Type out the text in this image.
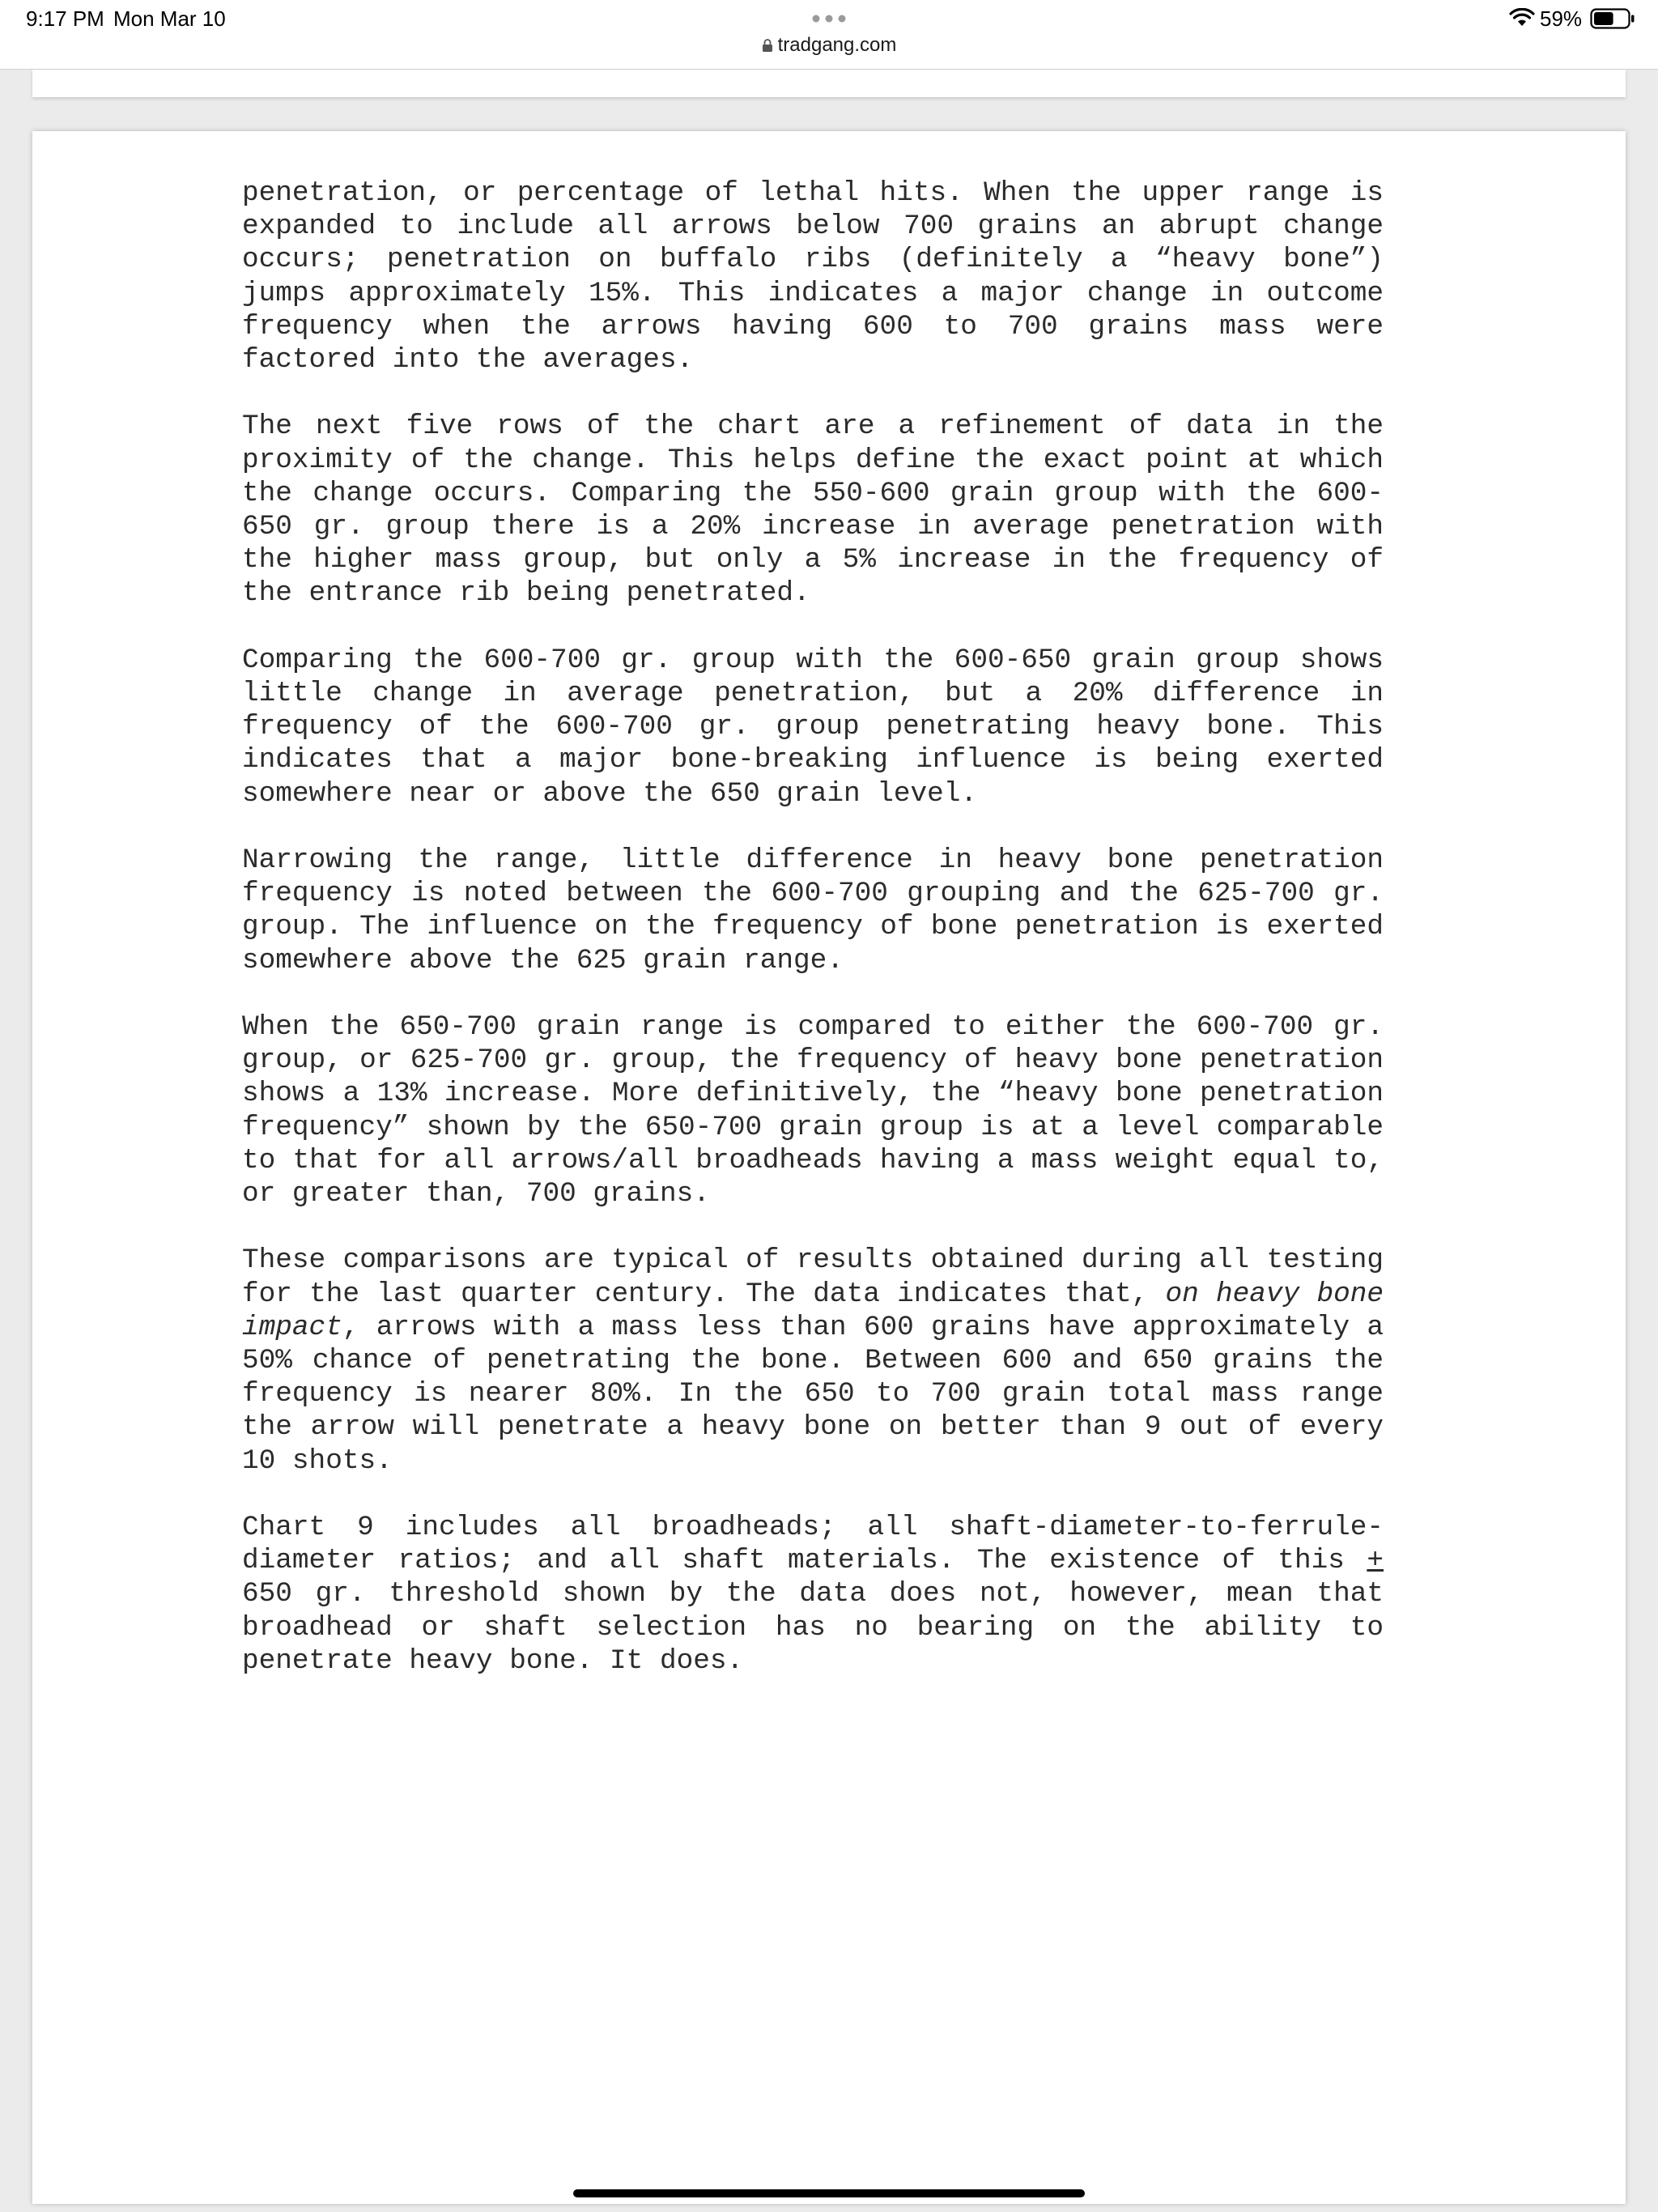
9:17 PM Mon Mar 10
tradgang.com
59%

penetration, or percentage of lethal hits. When the upper range is expanded to include all arrows below 700 grains an abrupt change occurs; penetration on buffalo ribs (definitely a “heavy bone”) jumps approximately 15%. This indicates a major change in outcome frequency when the arrows having 600 to 700 grains mass were factored into the averages.

The next five rows of the chart are a refinement of data in the proximity of the change. This helps define the exact point at which the change occurs. Comparing the 550-600 grain group with the 600-650 gr. group there is a 20% increase in average penetration with the higher mass group, but only a 5% increase in the frequency of the entrance rib being penetrated.

Comparing the 600-700 gr. group with the 600-650 grain group shows little change in average penetration, but a 20% difference in frequency of the 600-700 gr. group penetrating heavy bone. This indicates that a major bone-breaking influence is being exerted somewhere near or above the 650 grain level.

Narrowing the range, little difference in heavy bone penetration frequency is noted between the 600-700 grouping and the 625-700 gr. group. The influence on the frequency of bone penetration is exerted somewhere above the 625 grain range.

When the 650-700 grain range is compared to either the 600-700 gr. group, or 625-700 gr. group, the frequency of heavy bone penetration shows a 13% increase. More definitively, the “heavy bone penetration frequency” shown by the 650-700 grain group is at a level comparable to that for all arrows/all broadheads having a mass weight equal to, or greater than, 700 grains.

These comparisons are typical of results obtained during all testing for the last quarter century. The data indicates that, on heavy bone impact, arrows with a mass less than 600 grains have approximately a 50% chance of penetrating the bone. Between 600 and 650 grains the frequency is nearer 80%. In the 650 to 700 grain total mass range the arrow will penetrate a heavy bone on better than 9 out of every 10 shots.

Chart 9 includes all broadheads; all shaft-diameter-to-ferrule-diameter ratios; and all shaft materials. The existence of this + 650 gr. threshold shown by the data does not, however, mean that broadhead or shaft selection has no bearing on the ability to penetrate heavy bone. It does.
